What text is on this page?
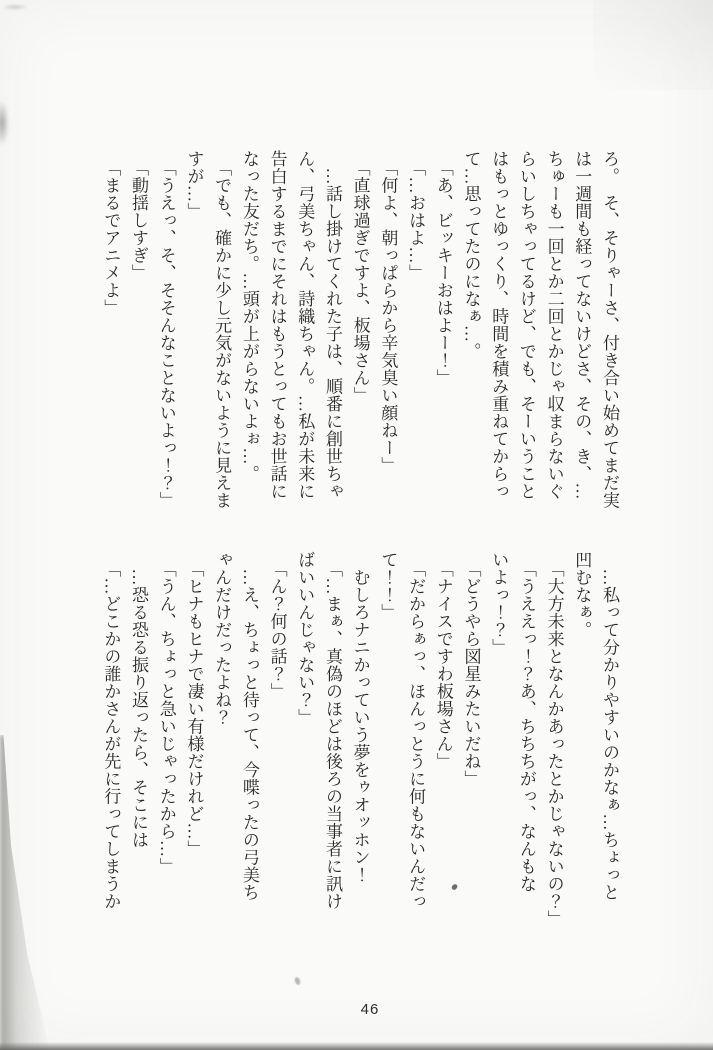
ろ。　そ、そりゃーさ、付き合い始めてまだ実
は一週間も経ってないけどさ、その、き、…
ちゅーも一回とか二回とかじゃ収まらないぐ
らいしちゃってるけど、でも、そーいうこと
はもっとゆっくり、時間を積み重ねてからっ
て…思ってたのになぁ…。
　「あ、ビッキーおはよー！」
　「…おはよ…」
　「何よ、朝っぱらから辛気臭い顔ねー」
　「直球過ぎですよ、板場さん」
　…話し掛けてくれた子は、順番に創世ちゃ
ん、弓美ちゃん、詩織ちゃん。…私が未来に
告白するまでにそれはもうとってもお世話に
なった友だち。…頭が上がらないよぉ…。
　「でも、確かに少し元気がないように見えま
すが…」
　「うえっ、そ、そそんなことないよっ！？」
　「動揺しすぎ」
　「まるでアニメよ」
　…私って分かりやすいのかなぁ…ちょっと
凹むなぁ。
　「大方未来となんかあったとかじゃないの？」
　「うええっ！？あ、ちちちがっ、なんもな
いよっ！？」
　「どうやら図星みたいだね」
　「ナイスですわ板場さん」
　「だからぁっ、ほんっとうに何もないんだっ
て！！」
　むしろナニかっていう夢をゥオッホン！
　「…まぁ、真偽のほどは後ろの当事者に訊け
ばいいんじゃない？」
　「ん？何の話？」
　…え、ちょっと待って、今喋ったの弓美ち
ゃんだけだったよね？
　「ヒナもヒナで凄い有様だけれど…」
　「うん、ちょっと急いじゃったから…」
　…恐る恐る振り返ったら、そこには
　「…どこかの誰かさんが先に行ってしまうか
46
